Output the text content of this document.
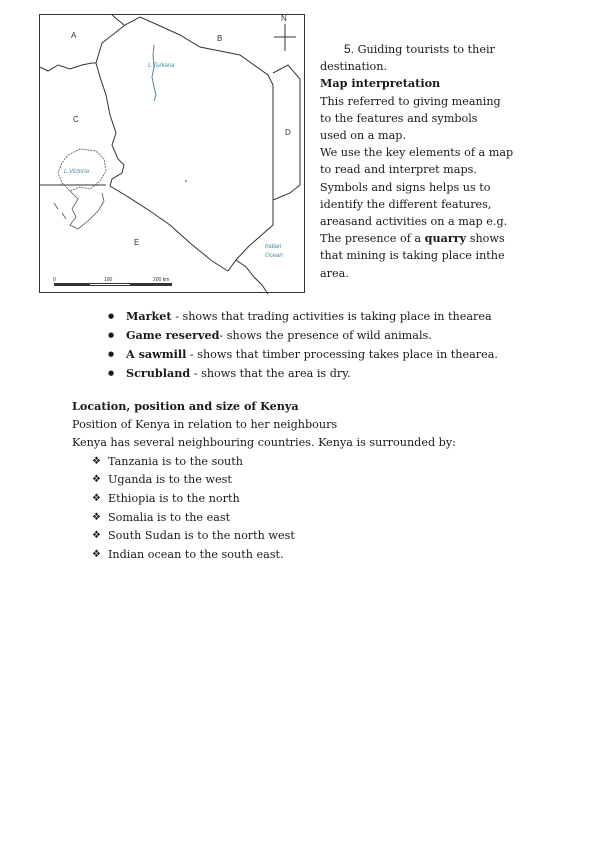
N
A	B
C
D
E
L.Turkana
L.Victoria
Indian
Ocean
0	100	200 km

5. Guiding tourists to their destination.

Map interpretation

This referred to giving meaning to the features and symbols used on a map.

We use the key elements of a map to read and interpret maps. Symbols and signs helps us to identify the different features, areasand activities on a map e.g.

The presence of a quarry shows that mining is taking place inthe area.

● Market - shows that trading activities is taking place in thearea
● Game reserved- shows the presence of wild animals.
● A sawmill - shows that timber processing takes place in thearea.
● Scrubland - shows that the area is dry.

Location, position and size of Kenya

Position of Kenya in relation to her neighbours

Kenya has several neighbouring countries. Kenya is surrounded by:

❖ Tanzania is to the south
❖ Uganda is to the west
❖ Ethiopia is to the north
❖ Somalia is to the east
❖ South Sudan is to the north west
❖ Indian ocean to the south east.
